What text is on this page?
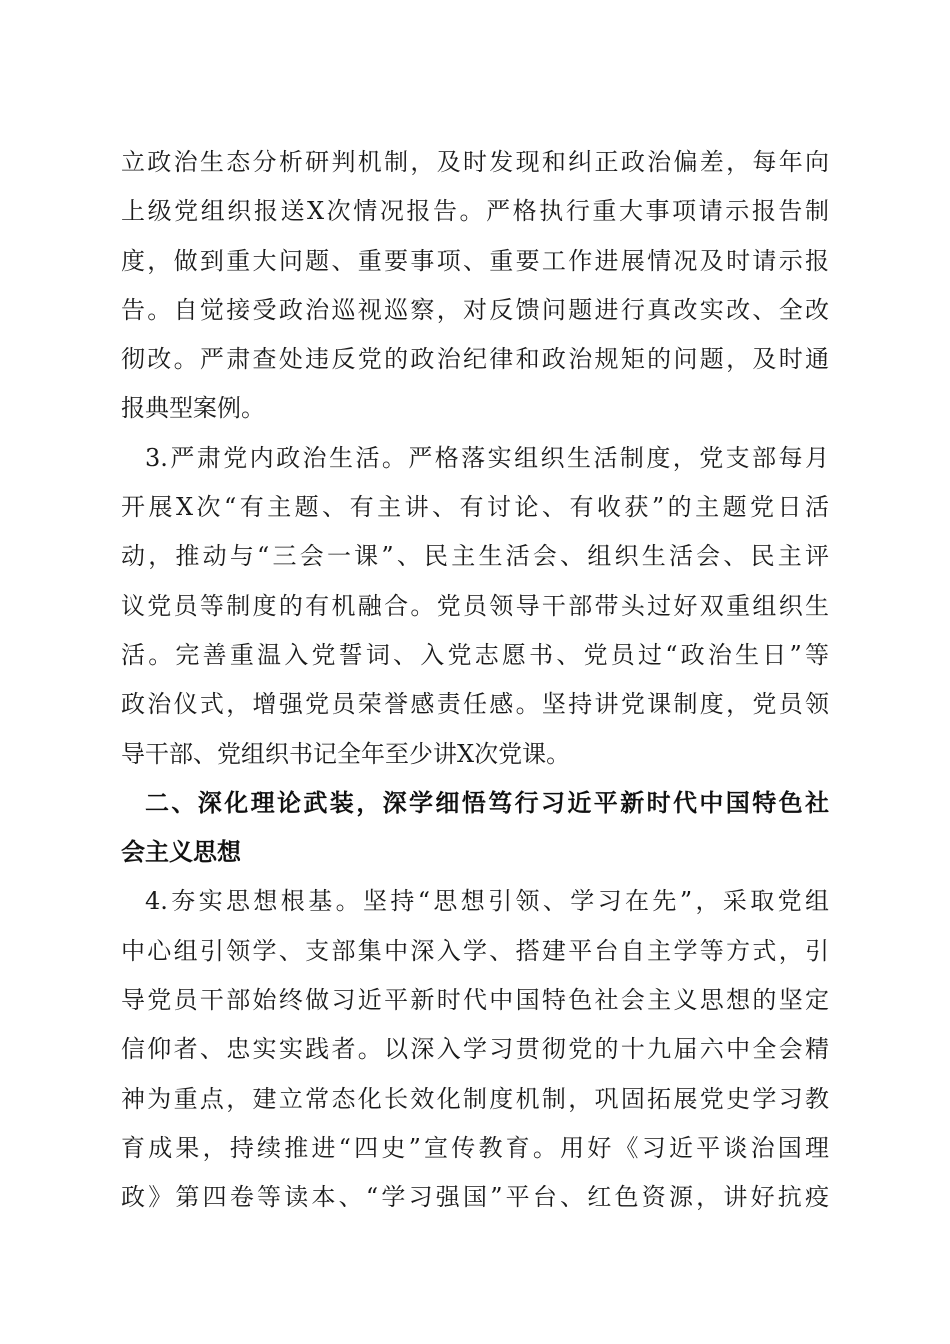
立政治生态分析研判机制，及时发现和纠正政治偏差，每年向
上级党组织报送X次情况报告。严格执行重大事项请示报告制
度，做到重大问题、重要事项、重要工作进展情况及时请示报
告。自觉接受政治巡视巡察，对反馈问题进行真改实改、全改
彻改。严肃查处违反党的政治纪律和政治规矩的问题，及时通
报典型案例。
3.严肃党内政治生活。严格落实组织生活制度，党支部每月
开展X次“有主题、有主讲、有讨论、有收获”的主题党日活
动，推动与“三会一课”、民主生活会、组织生活会、民主评
议党员等制度的有机融合。党员领导干部带头过好双重组织生
活。完善重温入党誓词、入党志愿书、党员过“政治生日”等
政治仪式，增强党员荣誉感责任感。坚持讲党课制度，党员领
导干部、党组织书记全年至少讲X次党课。
二、深化理论武装，深学细悟笃行习近平新时代中国特色社
会主义思想
4.夯实思想根基。坚持“思想引领、学习在先”，采取党组
中心组引领学、支部集中深入学、搭建平台自主学等方式，引
导党员干部始终做习近平新时代中国特色社会主义思想的坚定
信仰者、忠实实践者。以深入学习贯彻党的十九届六中全会精
神为重点，建立常态化长效化制度机制，巩固拓展党史学习教
育成果，持续推进“四史”宣传教育。用好《习近平谈治国理
政》第四卷等读本、“学习强国”平台、红色资源，讲好抗疫
